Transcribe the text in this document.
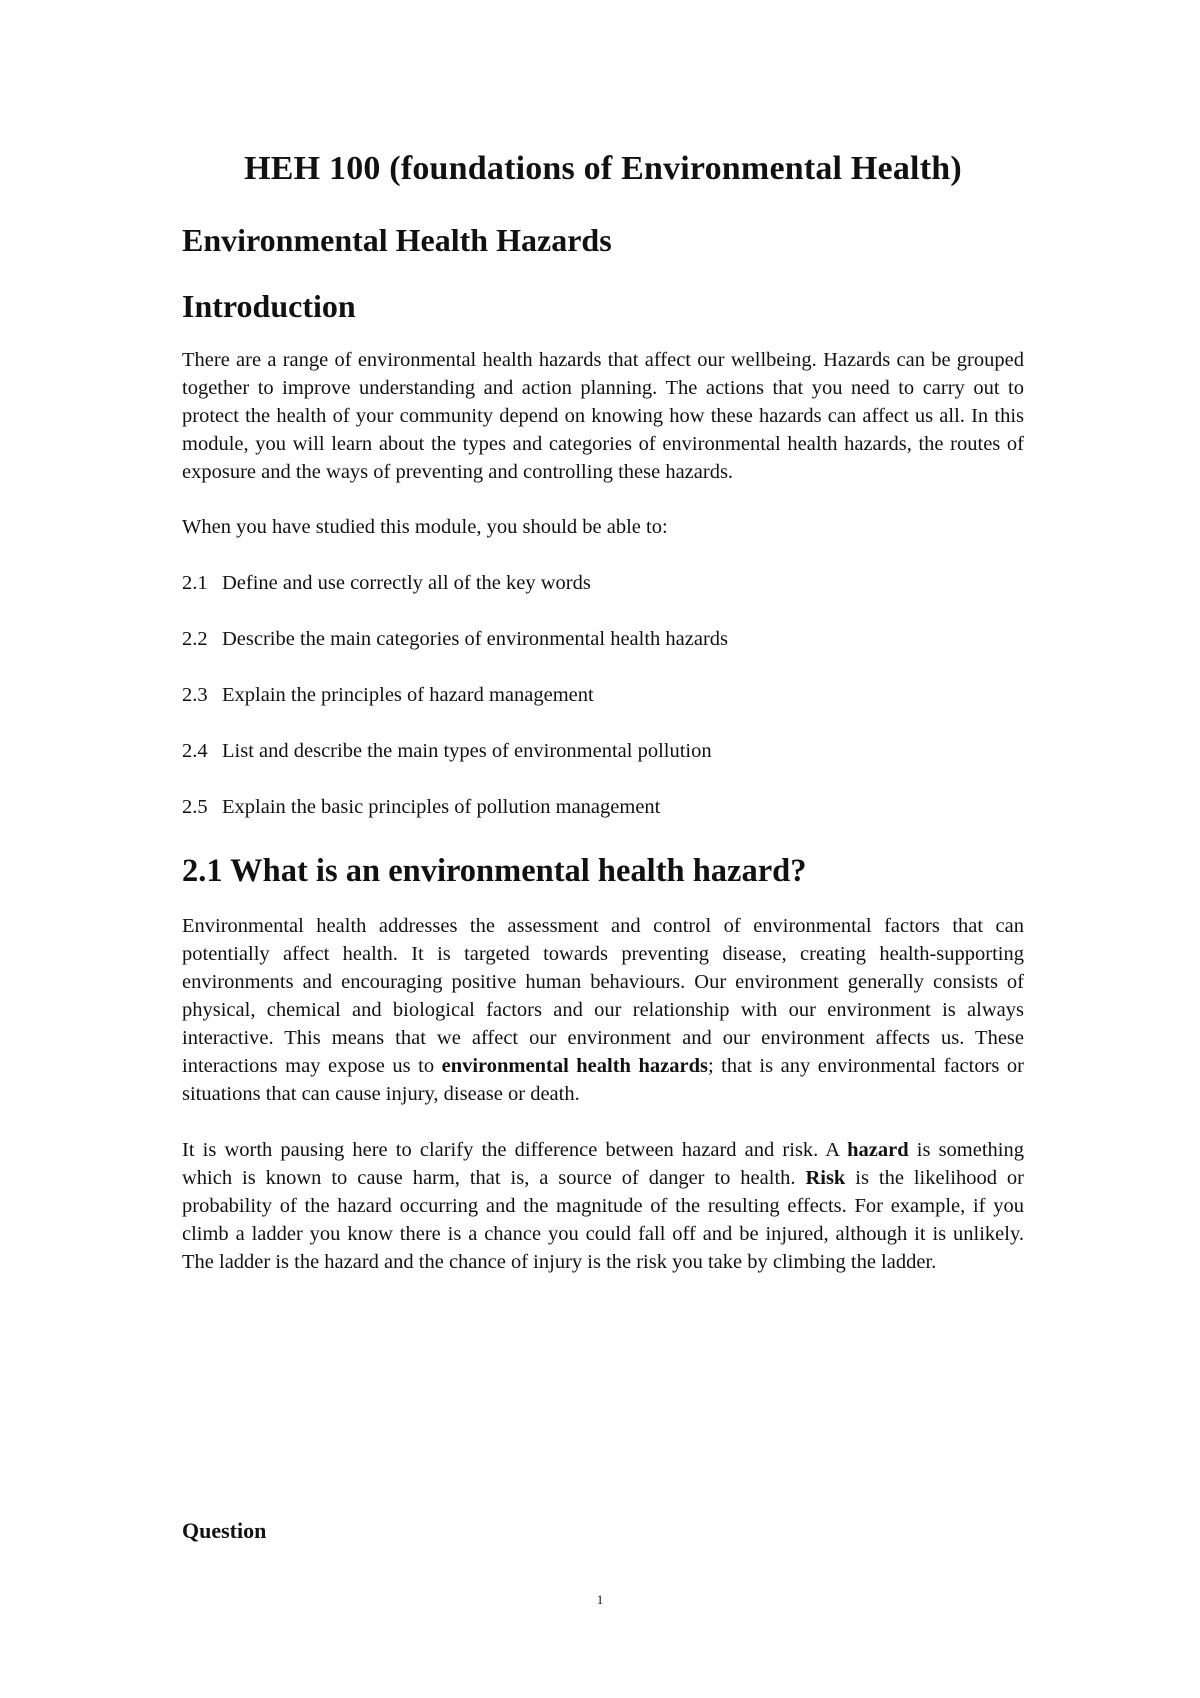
HEH 100 (foundations of Environmental Health)
Environmental Health Hazards
Introduction

There are a range of environmental health hazards that affect our wellbeing. Hazards can be grouped together to improve understanding and action planning. The actions that you need to carry out to protect the health of your community depend on knowing how these hazards can affect us all. In this module, you will learn about the types and categories of environmental health hazards, the routes of exposure and the ways of preventing and controlling these hazards.

When you have studied this module, you should be able to:

2.1 Define and use correctly all of the key words
2.2 Describe the main categories of environmental health hazards
2.3 Explain the principles of hazard management
2.4 List and describe the main types of environmental pollution
2.5 Explain the basic principles of pollution management
2.1 What is an environmental health hazard?

Environmental health addresses the assessment and control of environmental factors that can potentially affect health. It is targeted towards preventing disease, creating health-supporting environments and encouraging positive human behaviours. Our environment generally consists of physical, chemical and biological factors and our relationship with our environment is always interactive. This means that we affect our environment and our environment affects us. These interactions may expose us to environmental health hazards; that is any environmental factors or situations that can cause injury, disease or death.

It is worth pausing here to clarify the difference between hazard and risk. A hazard is something which is known to cause harm, that is, a source of danger to health. Risk is the likelihood or probability of the hazard occurring and the magnitude of the resulting effects. For example, if you climb a ladder you know there is a chance you could fall off and be injured, although it is unlikely. The ladder is the hazard and the chance of injury is the risk you take by climbing the ladder.

Question
1
